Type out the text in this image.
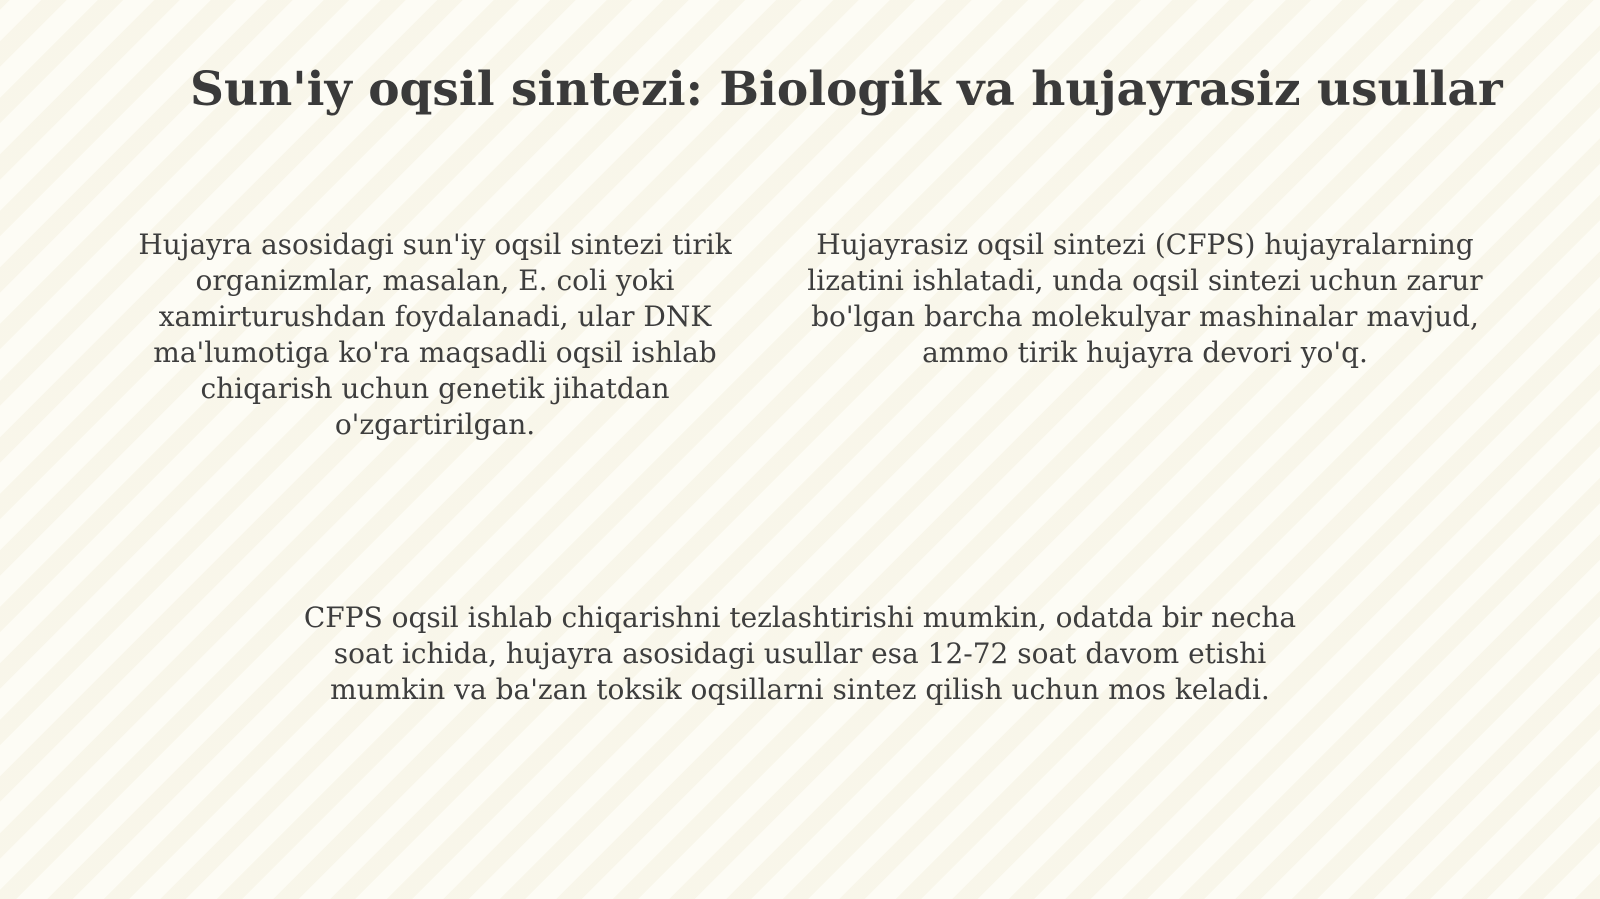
Sun'iy oqsil sintezi: Biologik va hujayrasiz usullar

Hujayra asosidagi sun'iy oqsil sintezi tirik organizmlar, masalan, E. coli yoki xamirturushdan foydalanadi, ular DNK ma'lumotiga ko'ra maqsadli oqsil ishlab chiqarish uchun genetik jihatdan o'zgartirilgan.

Hujayrasiz oqsil sintezi (CFPS) hujayralarning lizatini ishlatadi, unda oqsil sintezi uchun zarur bo'lgan barcha molekulyar mashinalar mavjud, ammo tirik hujayra devori yo'q.

CFPS oqsil ishlab chiqarishni tezlashtirishi mumkin, odatda bir necha soat ichida, hujayra asosidagi usullar esa 12-72 soat davom etishi mumkin va ba'zan toksik oqsillarni sintez qilish uchun mos keladi.
